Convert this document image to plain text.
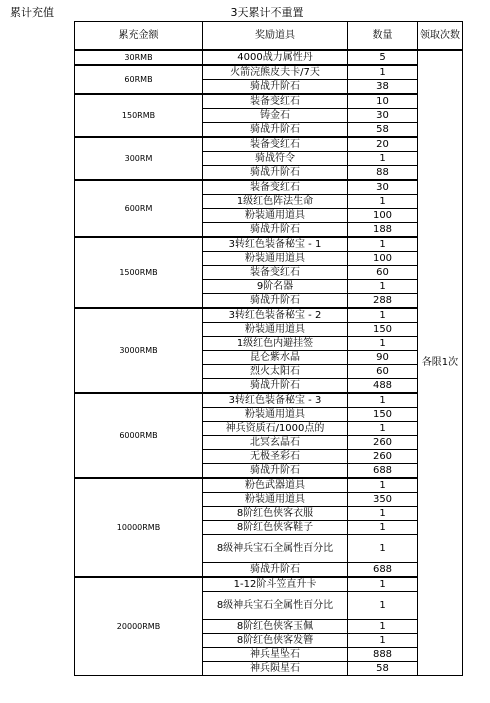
累计充值	3天累计不重置
累充金额	奖励道具	数量	领取次数
30RMB	4000战力属性丹	5	各限1次
60RMB	火箭浣熊皮夫卡/7天	1	
	骑战升阶石	38	
150RMB	装备变红石	10	
	铸金石	30	
	骑战升阶石	58	
300RM	装备变红石	20	
	骑战符令	1	
	骑战升阶石	88	
600RM	装备变红石	30	
	1级红色阵法生命	1	
	粉装通用道具	100	
	骑战升阶石	188	
1500RMB	3转红色装备秘宝 - 1	1	
	粉装通用道具	100	
	装备变红石	60	
	9阶名器	1	
	骑战升阶石	288	
3000RMB	3转红色装备秘宝 - 2	1	
	粉装通用道具	150	
	1级红色内避挂签	1	
	昆仑紫水晶	90	
	烈火太阳石	60	
	骑战升阶石	488	
6000RMB	3转红色装备秘宝 - 3	1	
	粉装通用道具	150	
	神兵资质石/1000点的	1	
	北冥玄晶石	260	
	无极圣彩石	260	
	骑战升阶石	688	
10000RMB	粉色武器道具	1	
	粉装通用道具	350	
	8阶红色侠客衣服	1	
	8阶红色侠客鞋子	1	
	8级神兵宝石全属性百分比	1	
	骑战升阶石	688	
20000RMB	1-12阶斗笠直升卡	1	
	8级神兵宝石全属性百分比	1	
	8阶红色侠客玉佩	1	
	8阶红色侠客发簪	1	
	神兵星坠石	888	
	神兵陨星石	58	
